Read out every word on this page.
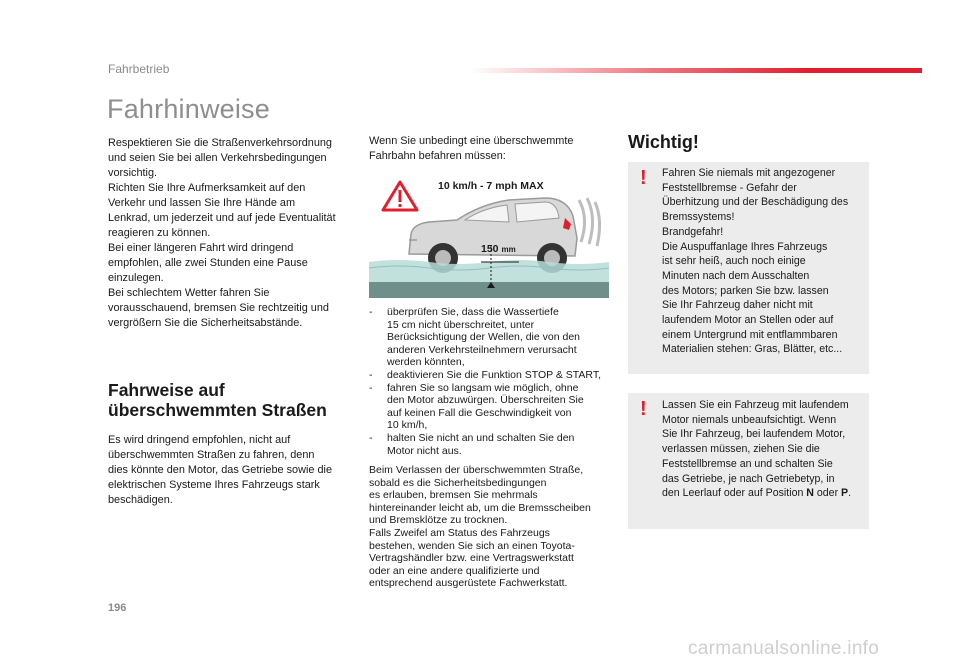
Fahrbetrieb
Fahrhinweise

Respektieren Sie die Straßenverkehrsordnung
und seien Sie bei allen Verkehrsbedingungen
vorsichtig.
Richten Sie Ihre Aufmerksamkeit auf den
Verkehr und lassen Sie Ihre Hände am
Lenkrad, um jederzeit und auf jede Eventualität
reagieren zu können.
Bei einer längeren Fahrt wird dringend
empfohlen, alle zwei Stunden eine Pause
einzulegen.
Bei schlechtem Wetter fahren Sie
vorausschauend, bremsen Sie rechtzeitig und
vergrößern Sie die Sicherheitsabstände.

Fahrweise auf
überschwemmten Straßen

Es wird dringend empfohlen, nicht auf
überschwemmten Straßen zu fahren, denn
dies könnte den Motor, das Getriebe sowie die
elektrischen Systeme Ihres Fahrzeugs stark
beschädigen.

Wenn Sie unbedingt eine überschwemmte
Fahrbahn befahren müssen:

10 km/h - 7 mph MAX
150 mm
- überprüfen Sie, dass die Wassertiefe
15 cm nicht überschreitet, unter
Berücksichtigung der Wellen, die von den
anderen Verkehrsteilnehmern verursacht
werden könnten,
- deaktivieren Sie die Funktion STOP & START,
- fahren Sie so langsam wie möglich, ohne
den Motor abzuwürgen. Überschreiten Sie
auf keinen Fall die Geschwindigkeit von
10 km/h,
- halten Sie nicht an und schalten Sie den
Motor nicht aus.

Beim Verlassen der überschwemmten Straße,
sobald es die Sicherheitsbedingungen
es erlauben, bremsen Sie mehrmals
hintereinander leicht ab, um die Bremsscheiben
und Bremsklötze zu trocknen.
Falls Zweifel am Status des Fahrzeugs
bestehen, wenden Sie sich an einen Toyota-
Vertragshändler bzw. eine Vertragswerkstatt
oder an eine andere qualifizierte und
entsprechend ausgerüstete Fachwerkstatt.

Wichtig!
! Fahren Sie niemals mit angezogener
Feststellbremse - Gefahr der
Überhitzung und der Beschädigung des
Bremssystems!
Brandgefahr!
Die Auspuffanlage Ihres Fahrzeugs
ist sehr heiß, auch noch einige
Minuten nach dem Ausschalten
des Motors; parken Sie bzw. lassen
Sie Ihr Fahrzeug daher nicht mit
laufendem Motor an Stellen oder auf
einem Untergrund mit entflammbaren
Materialien stehen: Gras, Blätter, etc...
! Lassen Sie ein Fahrzeug mit laufendem
Motor niemals unbeaufsichtigt. Wenn
Sie Ihr Fahrzeug, bei laufendem Motor,
verlassen müssen, ziehen Sie die
Feststellbremse an und schalten Sie
das Getriebe, je nach Getriebetyp, in
den Leerlauf oder auf Position N oder P.
196
carmanualsonline.info
